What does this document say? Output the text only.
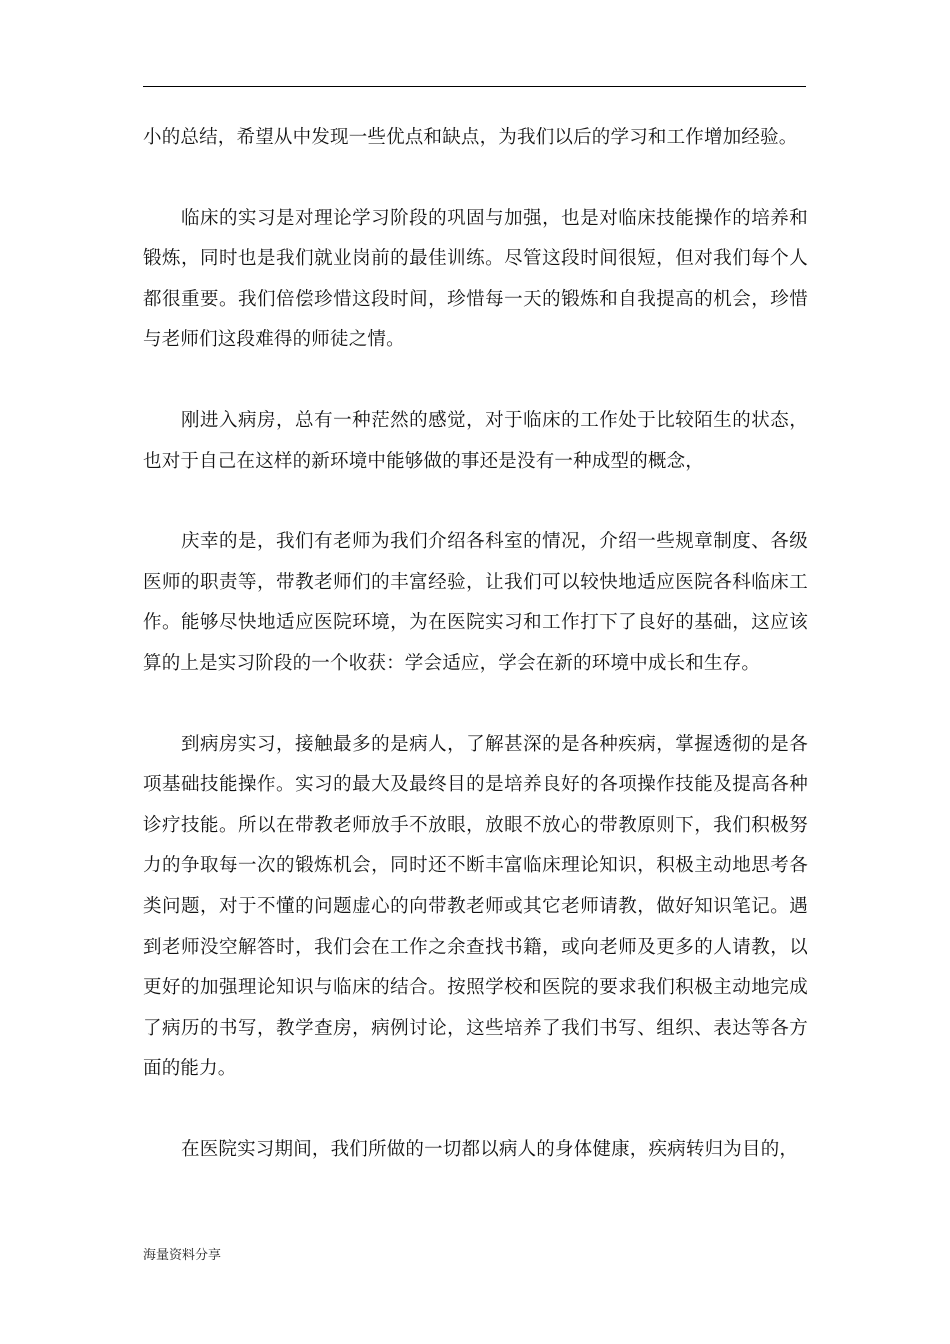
小的总结，希望从中发现一些优点和缺点，为我们以后的学习和工作增加经验。

临床的实习是对理论学习阶段的巩固与加强，也是对临床技能操作的培养和锻炼，同时也是我们就业岗前的最佳训练。尽管这段时间很短，但对我们每个人都很重要。我们倍偿珍惜这段时间，珍惜每一天的锻炼和自我提高的机会，珍惜与老师们这段难得的师徒之情。

刚进入病房，总有一种茫然的感觉，对于临床的工作处于比较陌生的状态，也对于自己在这样的新环境中能够做的事还是没有一种成型的概念，

庆幸的是，我们有老师为我们介绍各科室的情况，介绍一些规章制度、各级医师的职责等，带教老师们的丰富经验，让我们可以较快地适应医院各科临床工作。能够尽快地适应医院环境，为在医院实习和工作打下了良好的基础，这应该算的上是实习阶段的一个收获：学会适应，学会在新的环境中成长和生存。

到病房实习，接触最多的是病人，了解甚深的是各种疾病，掌握透彻的是各项基础技能操作。实习的最大及最终目的是培养良好的各项操作技能及提高各种诊疗技能。所以在带教老师放手不放眼，放眼不放心的带教原则下，我们积极努力的争取每一次的锻炼机会，同时还不断丰富临床理论知识，积极主动地思考各类问题，对于不懂的问题虚心的向带教老师或其它老师请教，做好知识笔记。遇到老师没空解答时，我们会在工作之余查找书籍，或向老师及更多的人请教，以更好的加强理论知识与临床的结合。按照学校和医院的要求我们积极主动地完成了病历的书写，教学查房，病例讨论，这些培养了我们书写、组织、表达等各方面的能力。

在医院实习期间，我们所做的一切都以病人的身体健康，疾病转归为目的，

海量资料分享
